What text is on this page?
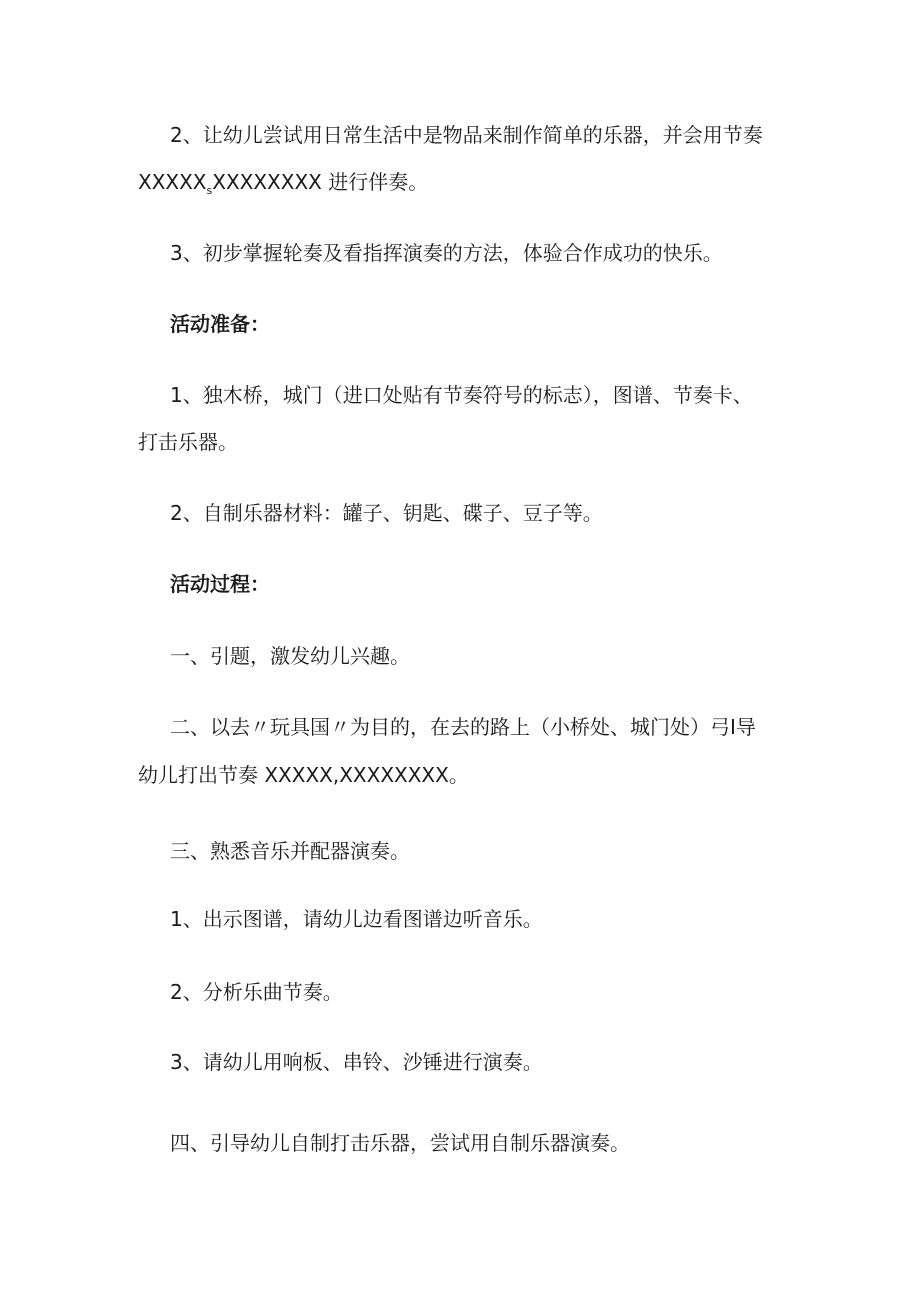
2、让幼儿尝试用日常生活中是物品来制作简单的乐器，并会用节奏
$XXXXX_sXXXXXXXX$ 进行伴奏。
3、初步掌握轮奏及看指挥演奏的方法，体验合作成功的快乐。
活动准备：
1、独木桥，城门（进口处贴有节奏符号的标志），图谱、节奏卡、
打击乐器。
2、自制乐器材料：罐子、钥匙、碟子、豆子等。
活动过程：
一、引题，激发幼儿兴趣。
二、以去〃玩具国〃为目的，在去的路上（小桥处、城门处）弓I导
幼儿打出节奏 XXXXX,XXXXXXXX。
三、熟悉音乐并配器演奏。
1、出示图谱，请幼儿边看图谱边听音乐。
2、分析乐曲节奏。
3、请幼儿用响板、串铃、沙锤进行演奏。
四、引导幼儿自制打击乐器，尝试用自制乐器演奏。
